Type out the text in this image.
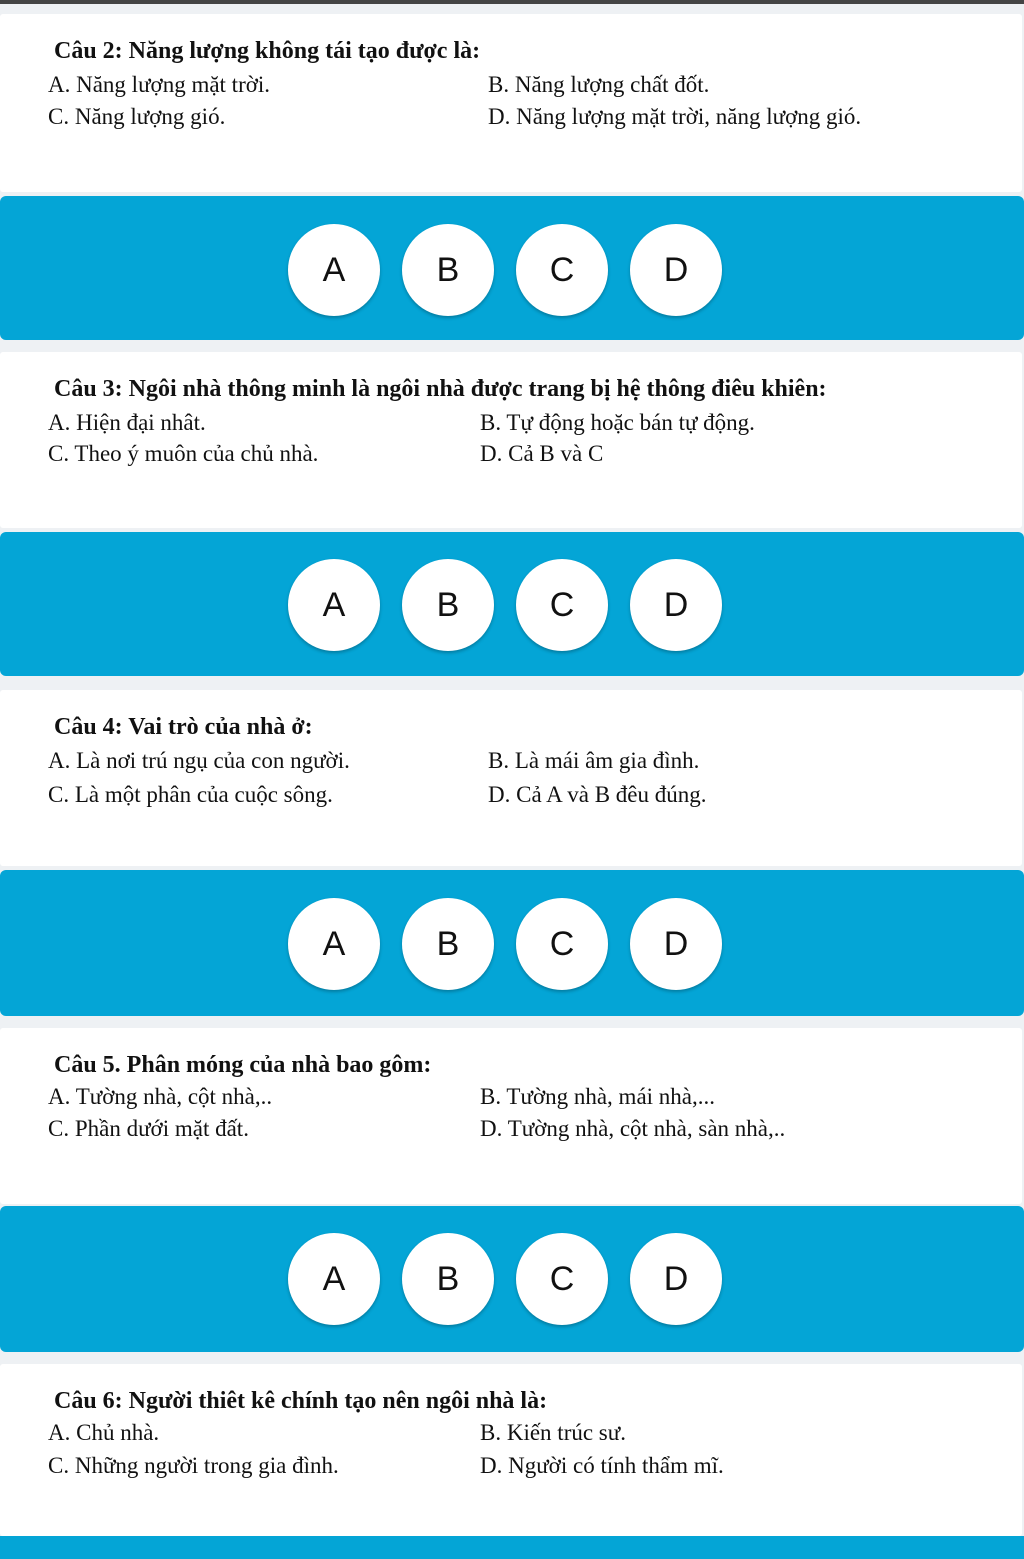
Câu 2: Năng lượng không tái tạo được là:
A. Năng lượng mặt trời.	B. Năng lượng chất đốt.
C. Năng lượng gió.	D. Năng lượng mặt trời, năng lượng gió.
A	B	C	D
Câu 3: Ngôi nhà thông minh là ngôi nhà được trang bị hệ thông điêu khiên:
A. Hiện đại nhât.	B. Tự động hoặc bán tự động.
C. Theo ý muôn của chủ nhà.	D. Cả B và C
A	B	C	D
Câu 4: Vai trò của nhà ở:
A. Là nơi trú ngụ của con người.	B. Là mái âm gia đình.
C. Là một phân của cuộc sông.	D. Cả A và B đêu đúng.
A	B	C	D
Câu 5. Phân móng của nhà bao gôm:
A. Tường nhà, cột nhà,..	B. Tường nhà, mái nhà,...
C. Phần dưới mặt đất.	D. Tường nhà, cột nhà, sàn nhà,..
A	B	C	D
Câu 6: Người thiêt kê chính tạo nên ngôi nhà là:
A. Chủ nhà.	B. Kiến trúc sư.
C. Những người trong gia đình.	D. Người có tính thẩm mĩ.
